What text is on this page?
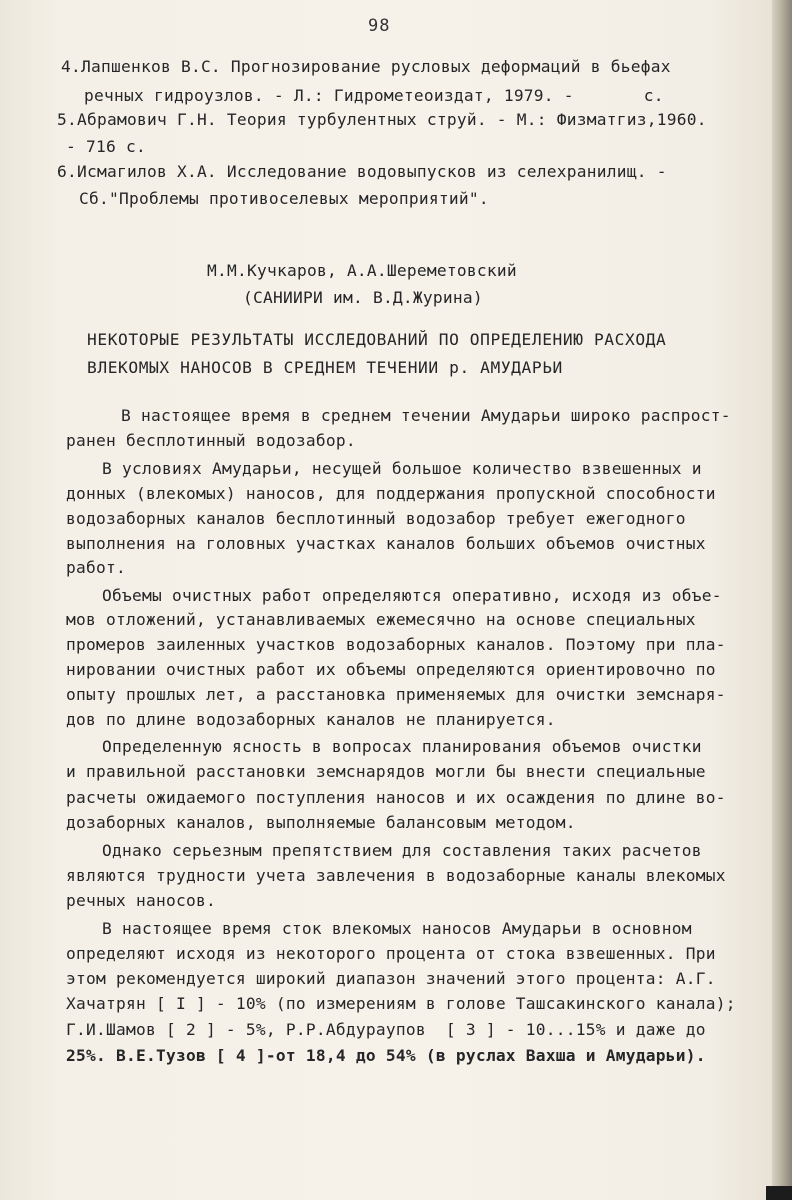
98
4.Лапшенков В.С. Прогнозирование русловых деформаций в бьефах
речных гидроузлов. - Л.: Гидрометеоиздат, 1979. -       с.
5.Абрамович Г.Н. Теория турбулентных струй. - М.: Физматгиз,1960.
- 716 с.
6.Исмагилов Х.А. Исследование водовыпусков из селехранилищ. -
Сб."Проблемы противоселевых мероприятий".
М.М.Кучкаров, А.А.Шереметовский
(САНИИРИ им. В.Д.Журина)
НЕКОТОРЫЕ РЕЗУЛЬТАТЫ ИССЛЕДОВАНИЙ ПО ОПРЕДЕЛЕНИЮ РАСХОДА
ВЛЕКОМЫХ НАНОСОВ В СРЕДНЕМ ТЕЧЕНИИ р. АМУДАРЬИ
В настоящее время в среднем течении Амударьи широко распрост-
ранен бесплотинный водозабор.
В условиях Амударьи, несущей большое количество взвешенных и
донных (влекомых) наносов, для поддержания пропускной способности
водозаборных каналов бесплотинный водозабор требует ежегодного
выполнения на головных участках каналов больших объемов очистных
работ.
Объемы очистных работ определяются оперативно, исходя из объе-
мов отложений, устанавливаемых ежемесячно на основе специальных
промеров заиленных участков водозаборных каналов. Поэтому при пла-
нировании очистных работ их объемы определяются ориентировочно по
опыту прошлых лет, а расстановка применяемых для очистки земснаря-
дов по длине водозаборных каналов не планируется.
Определенную ясность в вопросах планирования объемов очистки
и правильной расстановки земснарядов могли бы внести специальные
расчеты ожидаемого поступления наносов и их осаждения по длине во-
дозаборных каналов, выполняемые балансовым методом.
Однако серьезным препятствием для составления таких расчетов
являются трудности учета завлечения в водозаборные каналы влекомых
речных наносов.
В настоящее время сток влекомых наносов Амударьи в основном
определяют исходя из некоторого процента от стока взвешенных. При
этом рекомендуется широкий диапазон значений этого процента: А.Г.
Хачатрян [ I ] - 10% (по измерениям в голове Ташсакинского канала);
Г.И.Шамов [ 2 ] - 5%, Р.Р.Абдураупов  [ 3 ] - 10...15% и даже до
25%. В.Е.Тузов [ 4 ]-от 18,4 до 54% (в руслах Вахша и Амударьи).
